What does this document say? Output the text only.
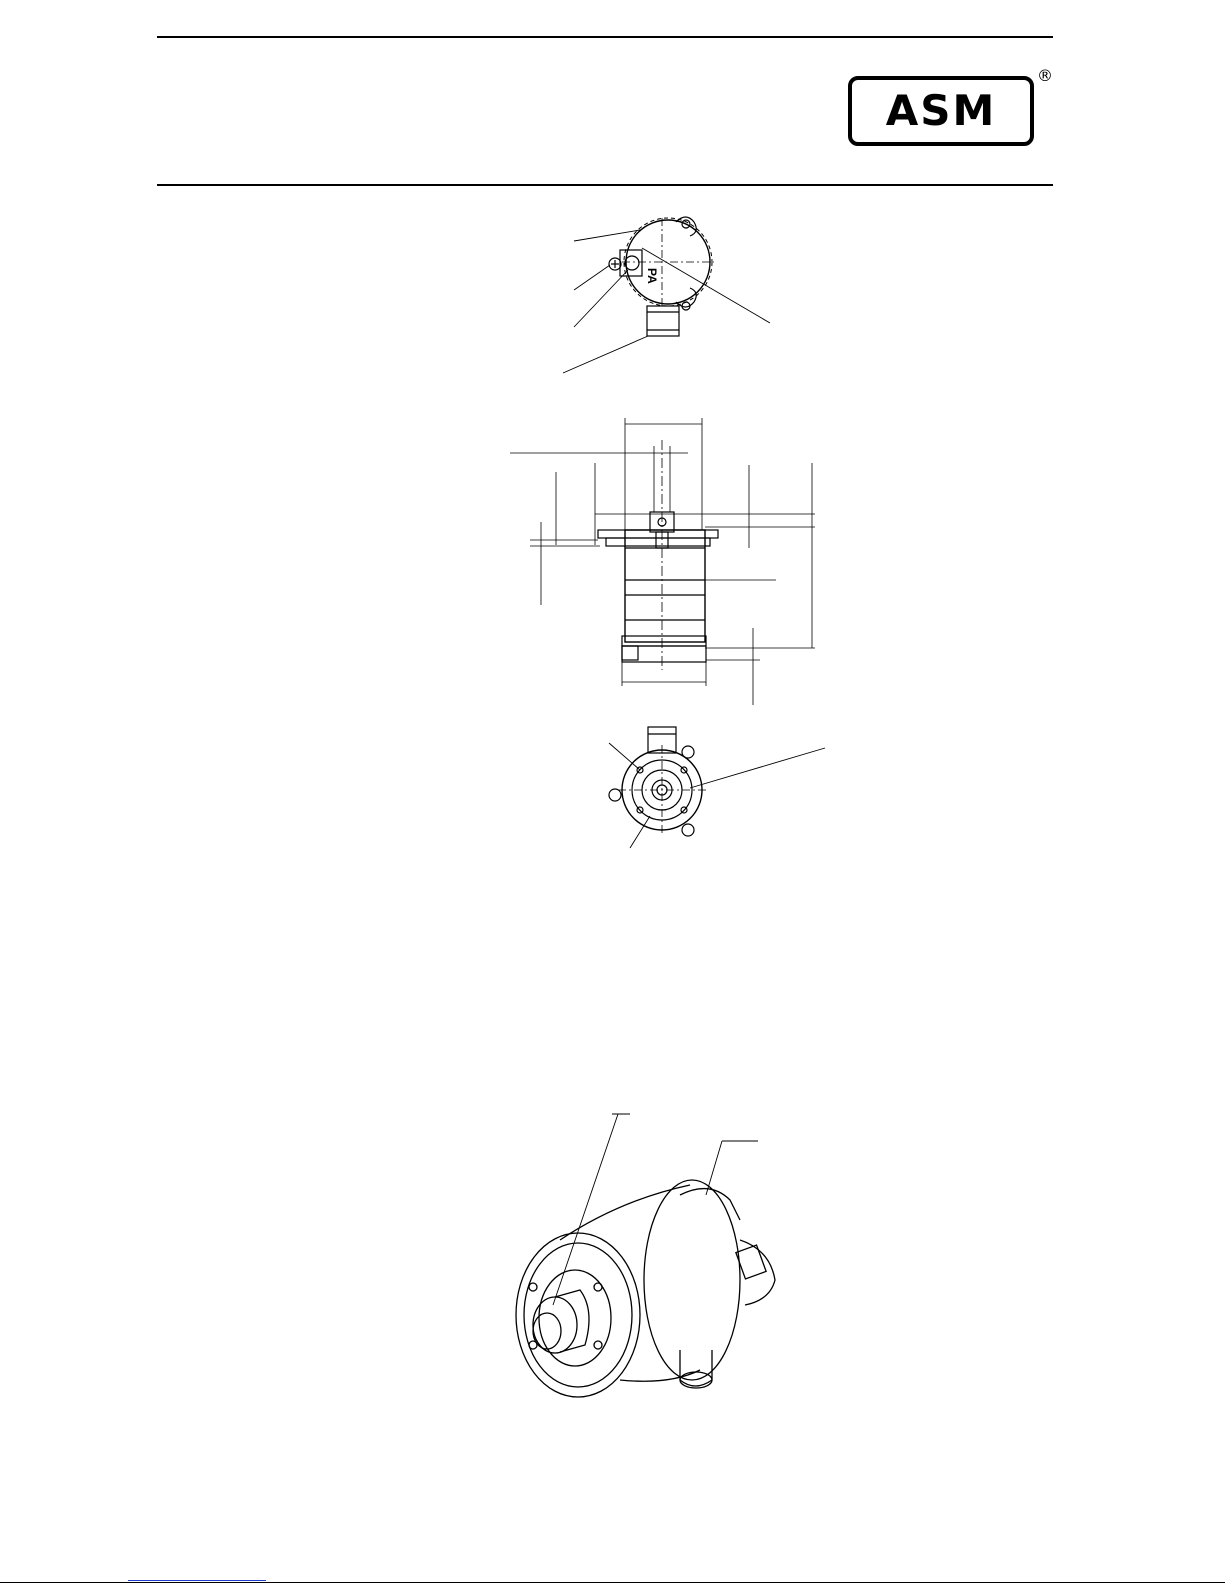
ASM
®
PA
